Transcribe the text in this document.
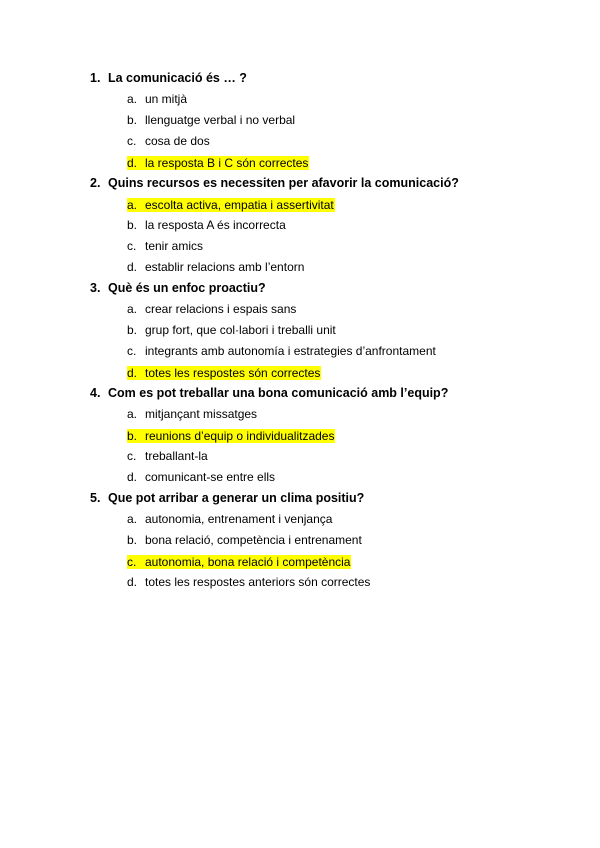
1. La comunicació és … ?
a. un mitjà
b. llenguatge verbal i no verbal
c. cosa de dos
d. la resposta B i C són correctes
2. Quins recursos es necessiten per afavorir la comunicació?
a. escolta activa, empatia i assertivitat
b. la resposta A és incorrecta
c. tenir amics
d. establir relacions amb l’entorn
3. Què és un enfoc proactiu?
a. crear relacions i espais sans
b. grup fort, que col·labori i treballi unit
c. integrants amb autonomía i estrategies d’anfrontament
d. totes les respostes són correctes
4. Com es pot treballar una bona comunicació amb l’equip?
a. mitjançant missatges
b. reunions d’equip o individualitzades
c. treballant-la
d. comunicant-se entre ells
5. Que pot arribar a generar un clima positiu?
a. autonomia, entrenament i venjança
b. bona relació, competència i entrenament
c. autonomia, bona relació i competència
d. totes les respostes anteriors són correctes
